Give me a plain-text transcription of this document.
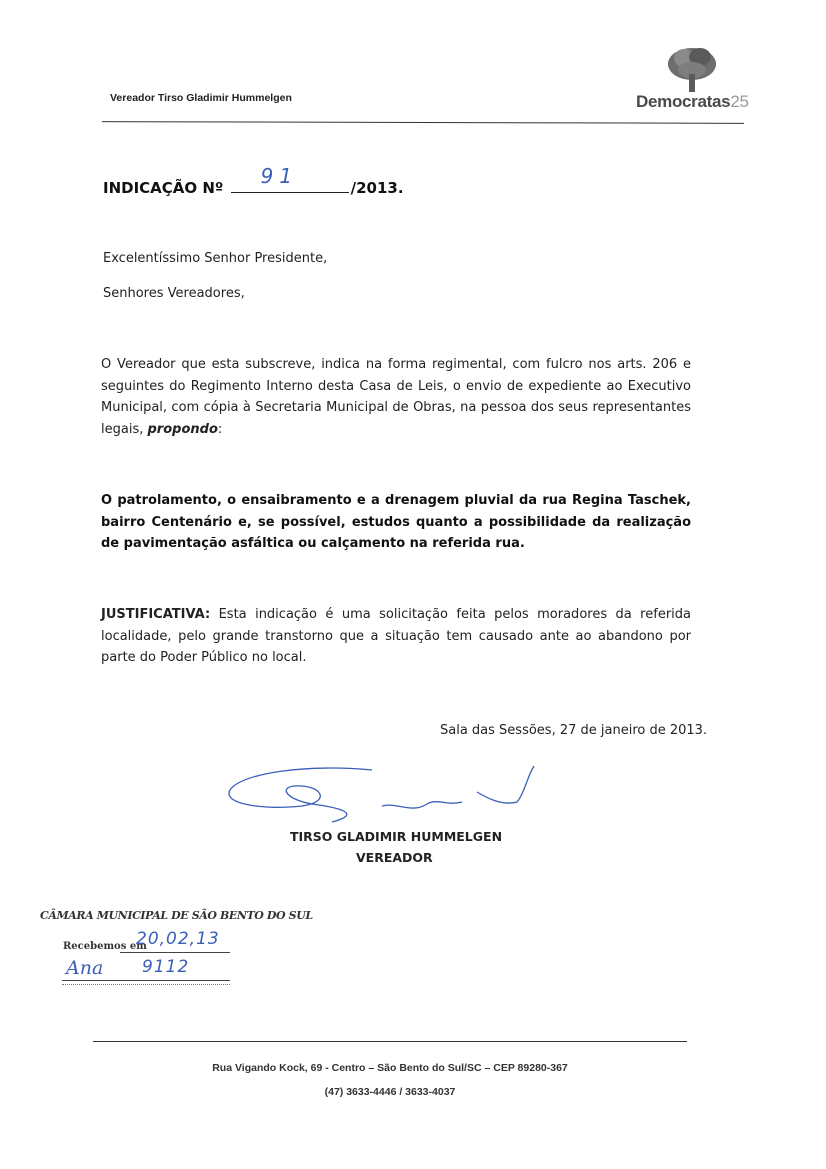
Vereador Tirso Gladimir Hummelgen	Democratas25
INDICAÇÃO Nº 91	/2013.
Excelentíssimo Senhor Presidente,
Senhores Vereadores,
O Vereador que esta subscreve, indica na forma regimental, com fulcro nos arts. 206 e seguintes do Regimento Interno desta Casa de Leis, o envio de expediente ao Executivo Municipal, com cópia à Secretaria Municipal de Obras, na pessoa dos seus representantes legais, propondo:
O patrolamento, o ensaibramento e a drenagem pluvial da rua Regina Taschek, bairro Centenário e, se possível, estudos quanto a possibilidade da realização de pavimentação asfáltica ou calçamento na referida rua.
JUSTIFICATIVA: Esta indicação é uma solicitação feita pelos moradores da referida localidade, pelo grande transtorno que a situação tem causado ante ao abandono por parte do Poder Público no local.
Sala das Sessões, 27 de janeiro de 2013.
TIRSO GLADIMIR HUMMELGEN
VEREADOR
CÂMARA MUNICIPAL DE SÃO BENTO DO SUL
Recebemos em
20,02,13
Ana 9112
Rua Vigando Kock, 69 - Centro – São Bento do Sul/SC – CEP 89280-367
(47) 3633-4446 / 3633-4037
